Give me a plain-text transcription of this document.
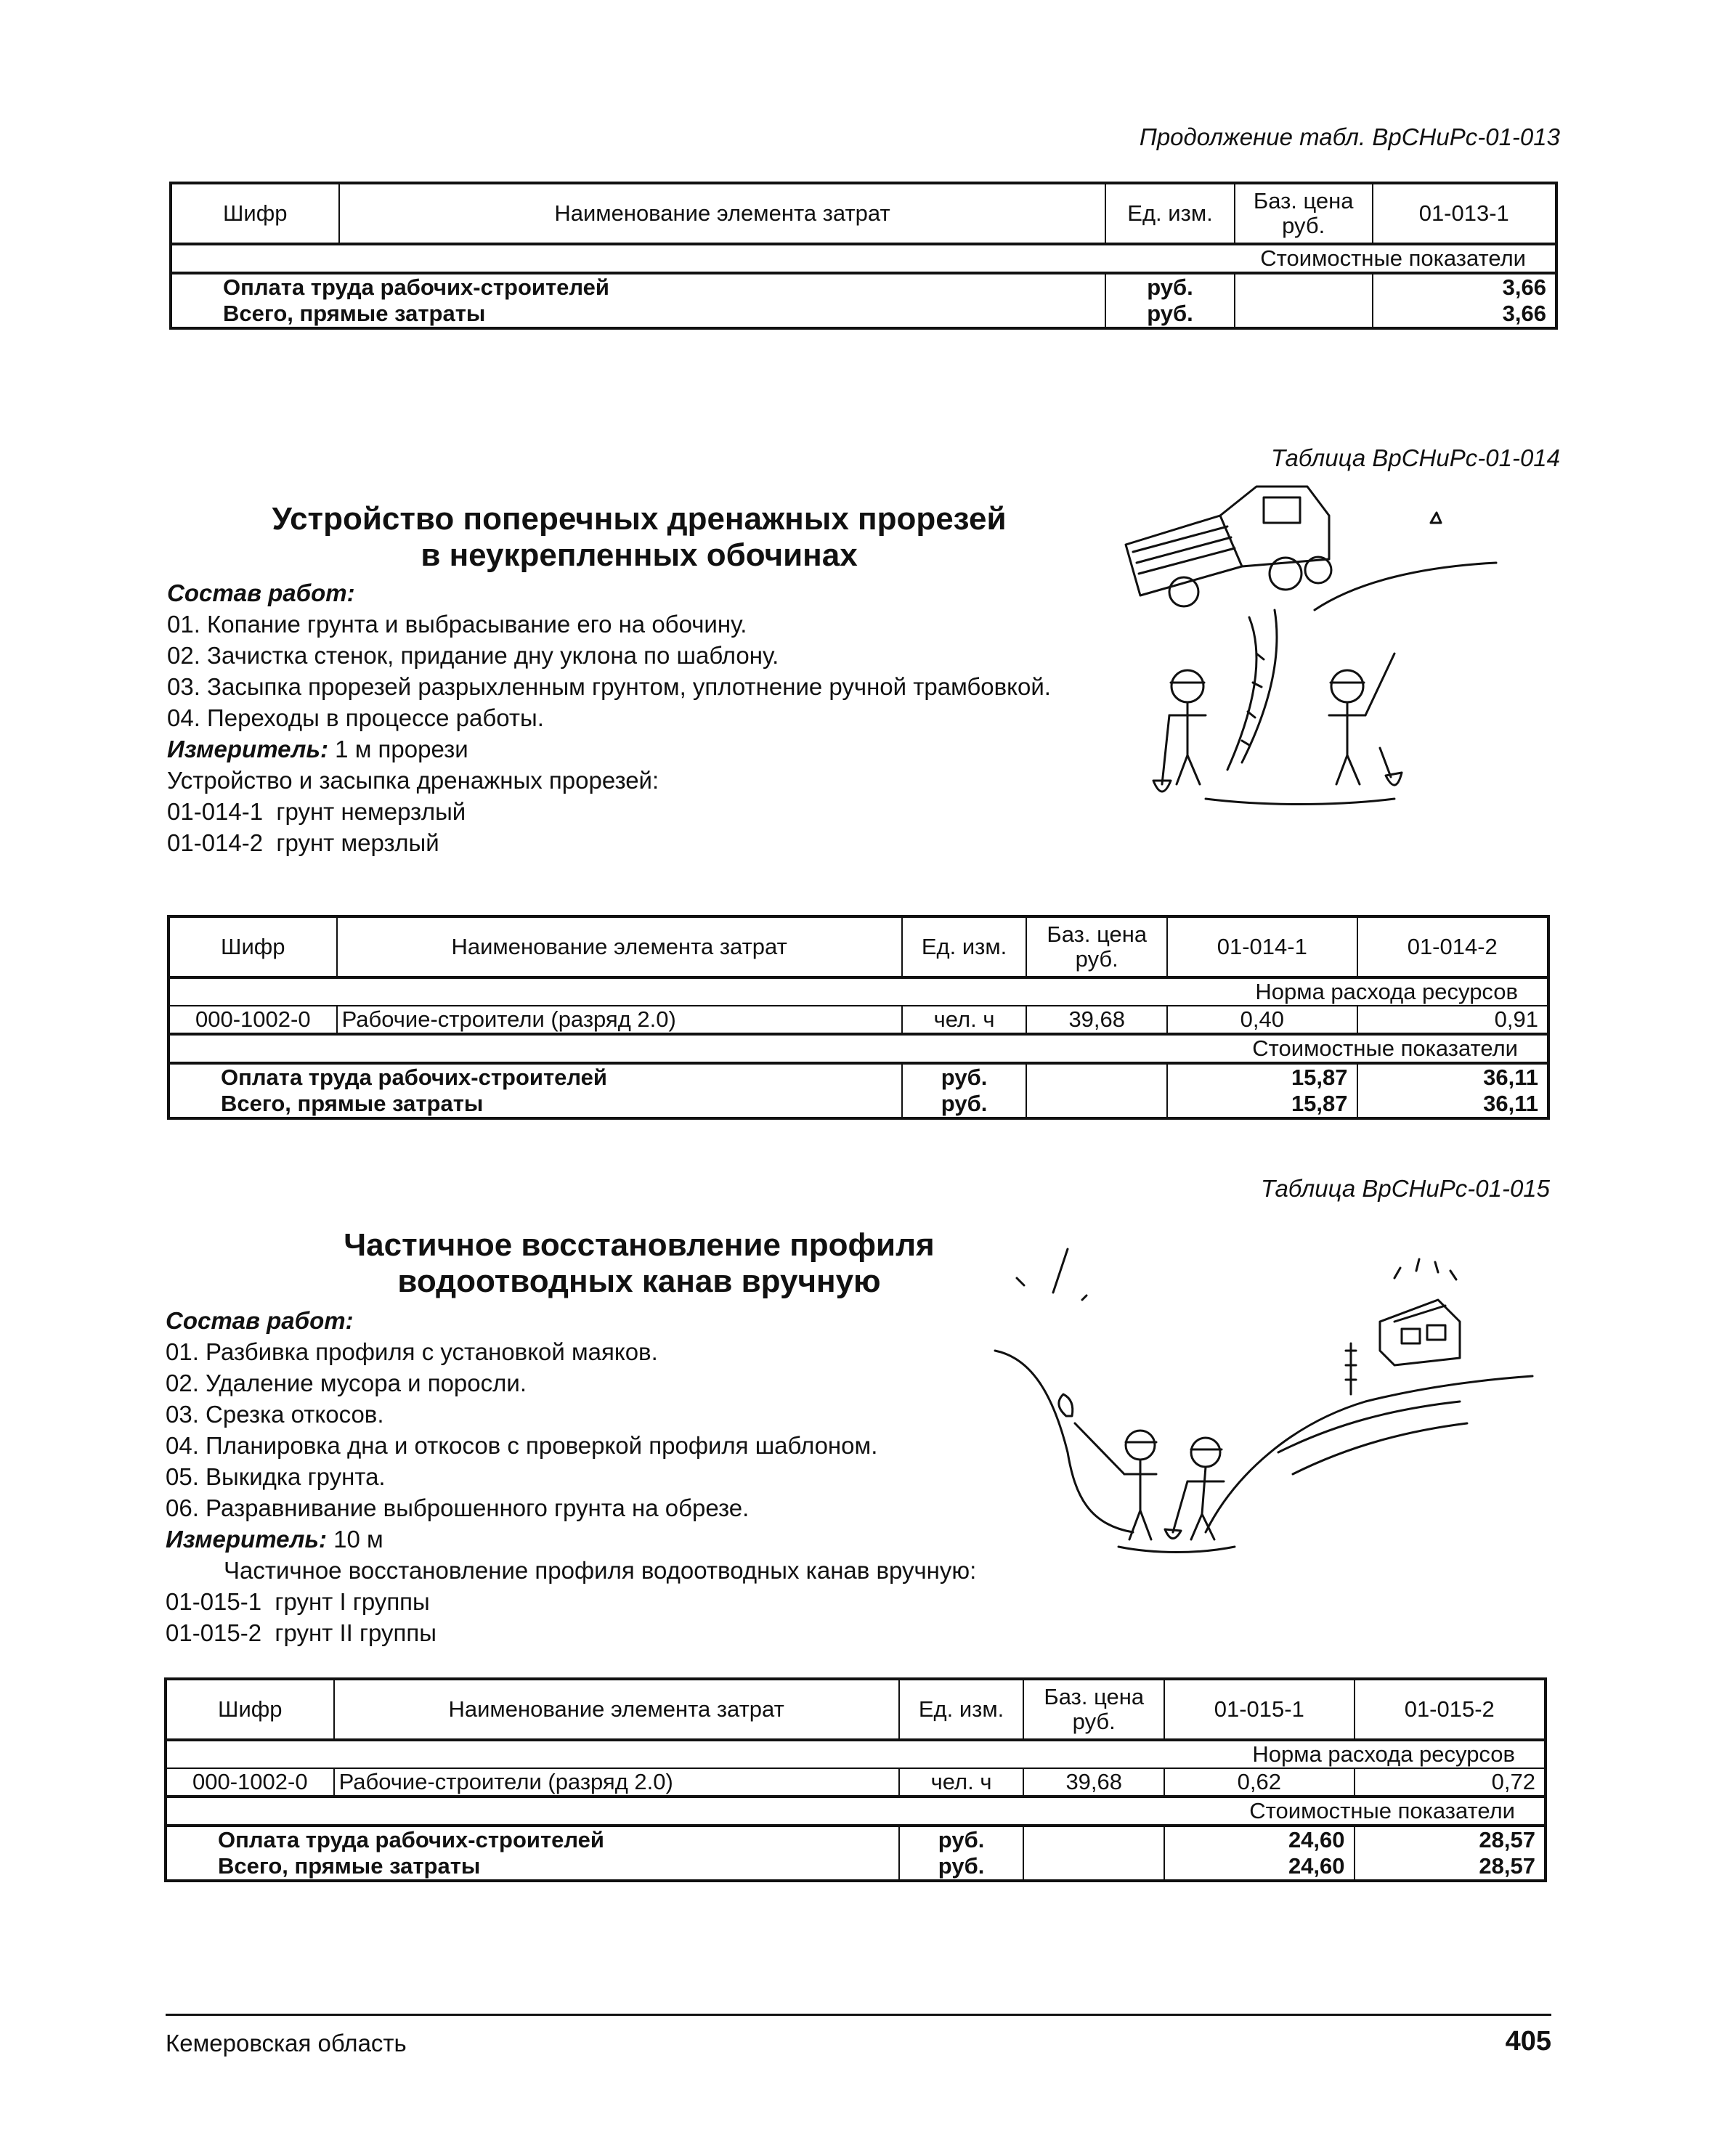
Продолжение табл. ВрСНиРс-01-013
Шифр	Наименование элемента затрат	Ед. изм.	Баз. цена руб.	01-013-1
Стоимостные показатели				
Оплата труда рабочих-строителей		руб.		3,66
Всего, прямые затраты		руб.		3,66
Таблица ВрСНиРс-01-014
Устройство поперечных дренажных прорезей
в неукрепленных обочинах
Состав работ:
01. Копание грунта и выбрасывание его на обочину.
02. Зачистка стенок, придание дну уклона по шаблону.
03. Засыпка прорезей разрыхленным грунтом, уплотнение ручной трамбовкой.
04. Переходы в процессе работы.
Измеритель: 1 м прорези
Устройство и засыпка дренажных прорезей:
01-014-1  грунт немерзлый
01-014-2  грунт мерзлый
Шифр	Наименование элемента затрат	Ед. изм.	Баз. цена руб.	01-014-1	01-014-2
Норма расхода ресурсов					
000-1002-0	Рабочие-строители (разряд 2.0)	чел. ч	39,68	0,40	0,91
Стоимостные показатели					
Оплата труда рабочих-строителей		руб.		15,87	36,11
Всего, прямые затраты		руб.		15,87	36,11
Таблица ВрСНиРс-01-015
Частичное восстановление профиля
водоотводных канав вручную
Состав работ:
01. Разбивка профиля с установкой маяков.
02. Удаление мусора и поросли.
03. Срезка откосов.
04. Планировка дна и откосов с проверкой профиля шаблоном.
05. Выкидка грунта.
06. Разравнивание выброшенного грунта на обрезе.
Измеритель: 10 м
Частичное восстановление профиля водоотводных канав вручную:
01-015-1  грунт I группы
01-015-2  грунт II группы
Шифр	Наименование элемента затрат	Ед. изм.	Баз. цена руб.	01-015-1	01-015-2
Норма расхода ресурсов					
000-1002-0	Рабочие-строители (разряд 2.0)	чел. ч	39,68	0,62	0,72
Стоимостные показатели					
Оплата труда рабочих-строителей		руб.		24,60	28,57
Всего, прямые затраты		руб.		24,60	28,57
Кемеровская область	405
